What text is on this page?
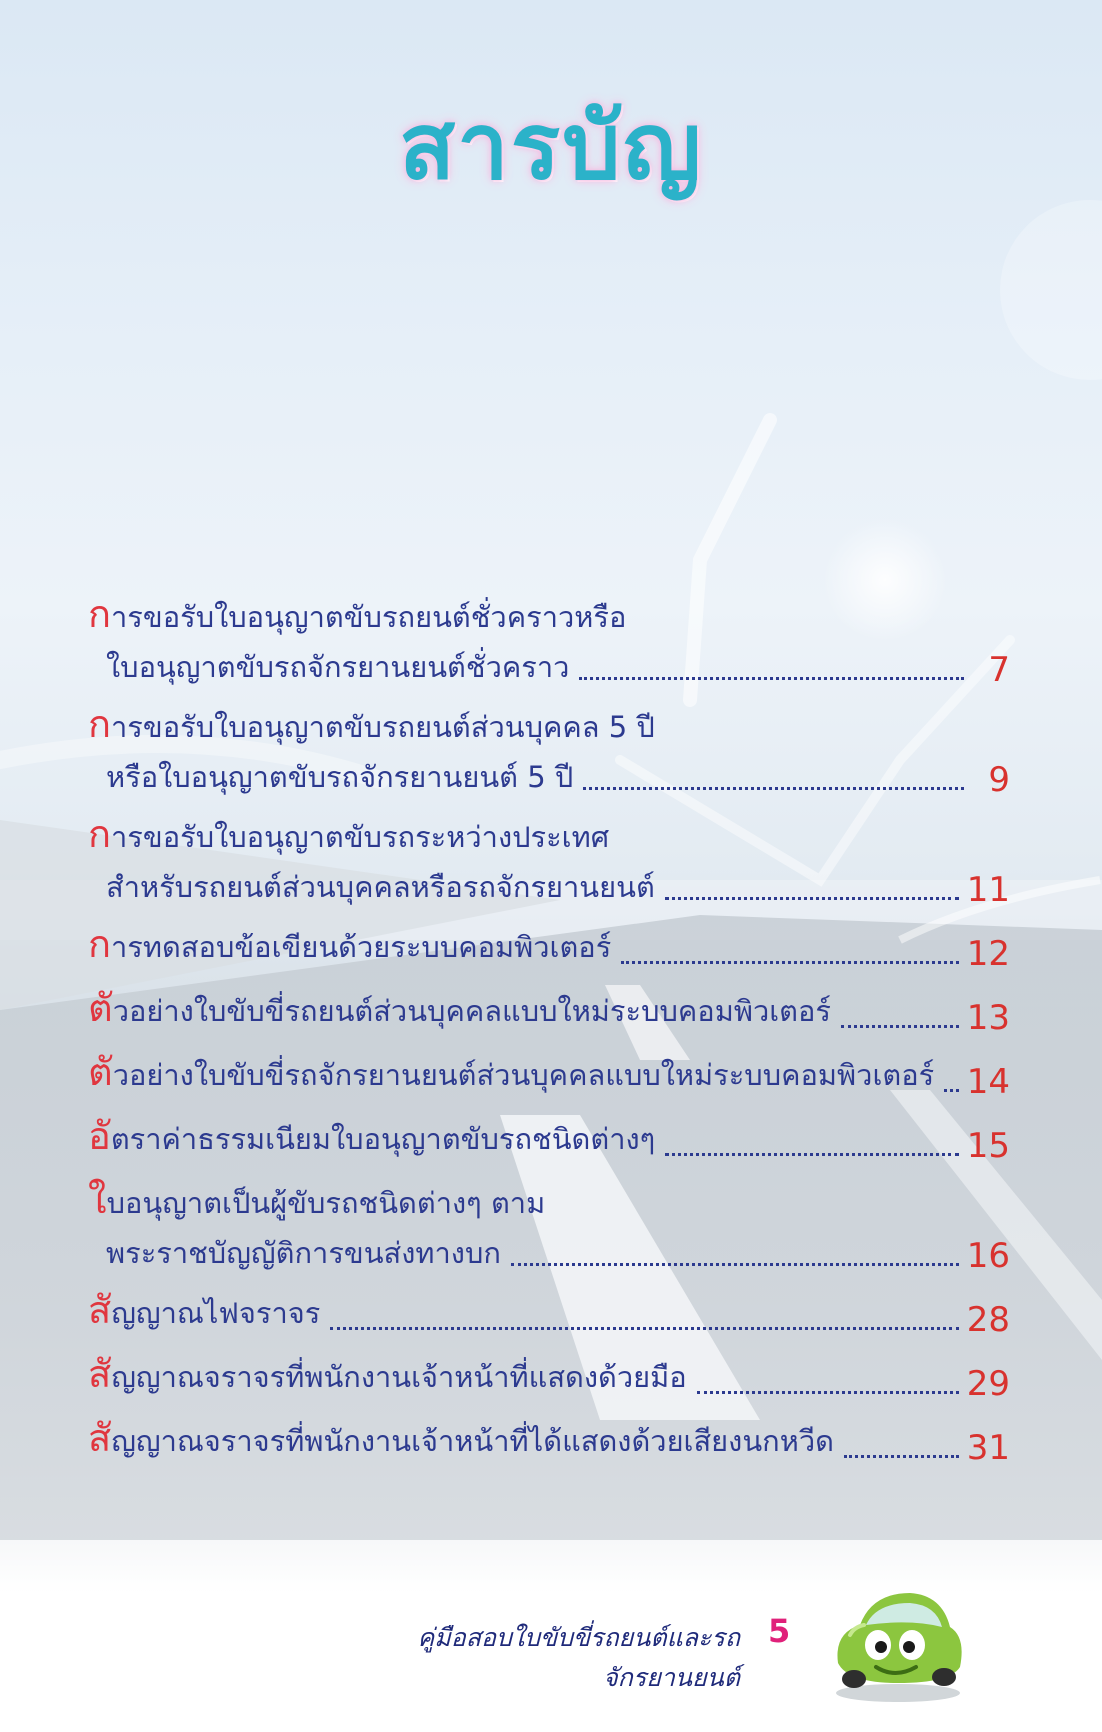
สารบัญ
การขอรับใบอนุญาตขับรถยนต์ชั่วคราวหรือ
ใบอนุญาตขับรถจักรยานยนต์ชั่วคราว	7
การขอรับใบอนุญาตขับรถยนต์ส่วนบุคคล 5 ปี
หรือใบอนุญาตขับรถจักรยานยนต์ 5 ปี	9
การขอรับใบอนุญาตขับรถระหว่างประเทศ
สำหรับรถยนต์ส่วนบุคคลหรือรถจักรยานยนต์	11
การทดสอบข้อเขียนด้วยระบบคอมพิวเตอร์	12
ตัวอย่างใบขับขี่รถยนต์ส่วนบุคคลแบบใหม่ระบบคอมพิวเตอร์	13
ตัวอย่างใบขับขี่รถจักรยานยนต์ส่วนบุคคลแบบใหม่ระบบคอมพิวเตอร์ 14
อัตราค่าธรรมเนียมใบอนุญาตขับรถชนิดต่างๆ	15
ใบอนุญาตเป็นผู้ขับรถชนิดต่างๆ ตาม
พระราชบัญญัติการขนส่งทางบก	16
สัญญาณไฟจราจร	28
สัญญาณจราจรที่พนักงานเจ้าหน้าที่แสดงด้วยมือ	29
สัญญาณจราจรที่พนักงานเจ้าหน้าที่ได้แสดงด้วยเสียงนกหวีด	31
คู่มือสอบใบขับขี่รถยนต์และรถจักรยานยนต์
5
